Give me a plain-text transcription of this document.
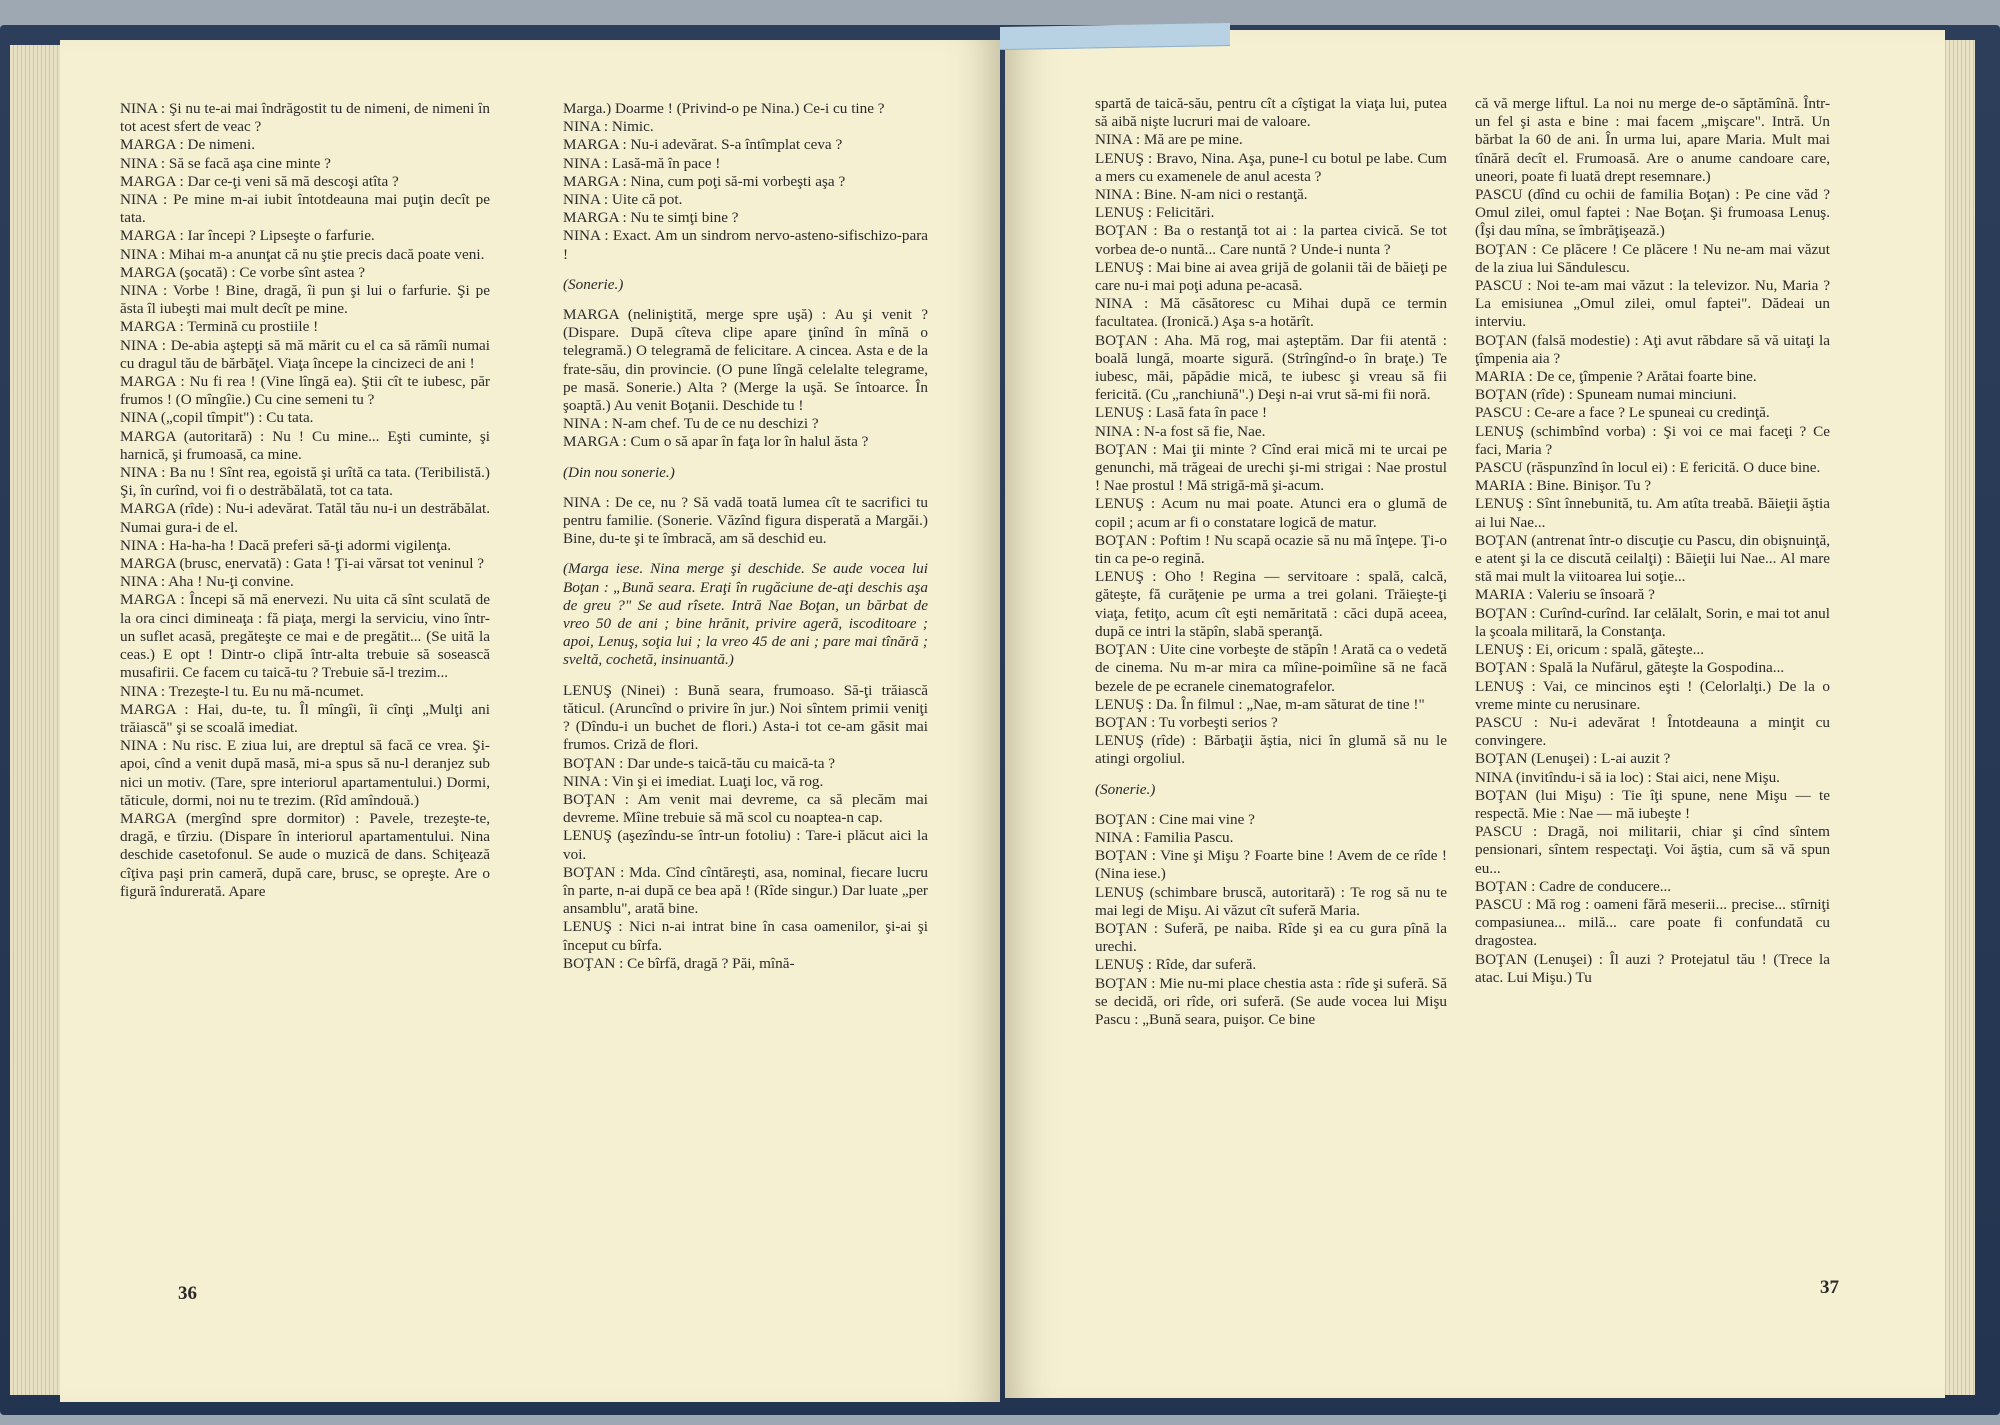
NINA : Şi nu te-ai mai îndrăgostit tu de nimeni, de nimeni în tot acest sfert de veac ?

MARGA : De nimeni.

NINA : Să se facă aşa cine minte ?

MARGA : Dar ce-ţi veni să mă descoşi atîta ?

NINA : Pe mine m-ai iubit întotdeauna mai puţin decît pe tata.

MARGA : Iar începi ? Lipseşte o farfurie.

NINA : Mihai m-a anunţat că nu ştie precis dacă poate veni.

MARGA (şocată) : Ce vorbe sînt astea ?

NINA : Vorbe ! Bine, dragă, îi pun şi lui o farfurie. Şi pe ăsta îl iubeşti mai mult decît pe mine.

MARGA : Termină cu prostiile !

NINA : De-abia aştepţi să mă mărit cu el ca să rămîi numai cu dragul tău de bărbăţel. Viaţa începe la cincizeci de ani !

MARGA : Nu fi rea ! (Vine lîngă ea). Ştii cît te iubesc, păr frumos ! (O mîngîie.) Cu cine semeni tu ?

NINA („copil tîmpit") : Cu tata.

MARGA (autoritară) : Nu ! Cu mine... Eşti cuminte, şi harnică, şi frumoasă, ca mine.

NINA : Ba nu ! Sînt rea, egoistă şi urîtă ca tata. (Teribilistă.) Şi, în curînd, voi fi o destrăbălată, tot ca tata.

MARGA (rîde) : Nu-i adevărat. Tatăl tău nu-i un destrăbălat. Numai gura-i de el.

NINA : Ha-ha-ha ! Dacă preferi să-ţi adormi vigilenţa.

MARGA (brusc, enervată) : Gata ! Ţi-ai vărsat tot veninul ?

NINA : Aha ! Nu-ţi convine.

MARGA : Începi să mă enervezi. Nu uita că sînt sculată de la ora cinci dimineaţa : fă piaţa, mergi la serviciu, vino într-un suflet acasă, pregăteşte ce mai e de pregătit... (Se uită la ceas.) E opt ! Dintr-o clipă într-alta trebuie să sosească musafirii. Ce facem cu taică-tu ? Trebuie să-l trezim...

NINA : Trezeşte-l tu. Eu nu mă-ncumet.

MARGA : Hai, du-te, tu. Îl mîngîi, îi cînţi „Mulţi ani trăiască" şi se scoală imediat.

NINA : Nu risc. E ziua lui, are dreptul să facă ce vrea. Şi-apoi, cînd a venit după masă, mi-a spus să nu-l deranjez sub nici un motiv. (Tare, spre interiorul apartamentului.) Dormi, tăticule, dormi, noi nu te trezim. (Rîd amîndouă.)

MARGA (mergînd spre dormitor) : Pavele, trezeşte-te, dragă, e tîrziu. (Dispare în interiorul apartamentului. Nina deschide casetofonul. Se aude o muzică de dans. Schiţează cîţiva paşi prin cameră, după care, brusc, se opreşte. Are o figură îndurerată. Apare

Marga.) Doarme ! (Privind-o pe Nina.) Ce-i cu tine ?

NINA : Nimic.

MARGA : Nu-i adevărat. S-a întîmplat ceva ?

NINA : Lasă-mă în pace !

MARGA : Nina, cum poţi să-mi vorbeşti aşa ?

NINA : Uite că pot.

MARGA : Nu te simţi bine ?

NINA : Exact. Am un sindrom nervo-asteno-sifischizo-para !

(Sonerie.)

MARGA (neliniştită, merge spre uşă) : Au şi venit ? (Dispare. După cîteva clipe apare ţinînd în mînă o telegramă.) O telegramă de felicitare. A cincea. Asta e de la frate-său, din provincie. (O pune lîngă celelalte telegrame, pe masă. Sonerie.) Alta ? (Merge la uşă. Se întoarce. În şoaptă.) Au venit Boţanii. Deschide tu !

NINA : N-am chef. Tu de ce nu deschizi ?

MARGA : Cum o să apar în faţa lor în halul ăsta ?

(Din nou sonerie.)

NINA : De ce, nu ? Să vadă toată lumea cît te sacrifici tu pentru familie. (Sonerie. Văzînd figura disperată a Margăi.) Bine, du-te şi te îmbracă, am să deschid eu.

(Marga iese. Nina merge şi deschide. Se aude vocea lui Boţan : „Bună seara. Eraţi în rugăciune de-aţi deschis aşa de greu ?" Se aud rîsete. Intră Nae Boţan, un bărbat de vreo 50 de ani ; bine hrănit, privire ageră, iscoditoare ; apoi, Lenuş, soţia lui ; la vreo 45 de ani ; pare mai tînără ; sveltă, cochetă, insinuantă.)

LENUŞ (Ninei) : Bună seara, frumoaso. Să-ţi trăiască tăticul. (Aruncînd o privire în jur.) Noi sîntem primii veniţi ? (Dîndu-i un buchet de flori.) Asta-i tot ce-am găsit mai frumos. Criză de flori.

BOŢAN : Dar unde-s taică-tău cu maică-ta ?

NINA : Vin şi ei imediat. Luaţi loc, vă rog.

BOŢAN : Am venit mai devreme, ca să plecăm mai devreme. Mîine trebuie să mă scol cu noaptea-n cap.

LENUŞ (aşezîndu-se într-un fotoliu) : Tare-i plăcut aici la voi.

BOŢAN : Mda. Cînd cîntăreşti, asa, nominal, fiecare lucru în parte, n-ai după ce bea apă ! (Rîde singur.) Dar luate „per ansamblu", arată bine.

LENUŞ : Nici n-ai intrat bine în casa oamenilor, şi-ai şi început cu bîrfa.

BOŢAN : Ce bîrfă, dragă ? Păi, mînă-

spartă de taică-său, pentru cît a cîştigat la viaţa lui, putea să aibă nişte lucruri mai de valoare.

NINA : Mă are pe mine.

LENUŞ : Bravo, Nina. Aşa, pune-l cu botul pe labe. Cum a mers cu examenele de anul acesta ?

NINA : Bine. N-am nici o restanţă.

LENUŞ : Felicitări.

BOŢAN : Ba o restanţă tot ai : la partea civică. Se tot vorbea de-o nuntă... Care nuntă ? Unde-i nunta ?

LENUŞ : Mai bine ai avea grijă de golanii tăi de băieţi pe care nu-i mai poţi aduna pe-acasă.

NINA : Mă căsătoresc cu Mihai după ce termin facultatea. (Ironică.) Aşa s-a hotărît.

BOŢAN : Aha. Mă rog, mai aşteptăm. Dar fii atentă : boală lungă, moarte sigură. (Strîngînd-o în braţe.) Te iubesc, măi, păpădie mică, te iubesc şi vreau să fii fericită. (Cu „ranchiună".) Deşi n-ai vrut să-mi fii noră.

LENUŞ : Lasă fata în pace !

NINA : N-a fost să fie, Nae.

BOŢAN : Mai ţii minte ? Cînd erai mică mi te urcai pe genunchi, mă trăgeai de urechi şi-mi strigai : Nae prostul ! Nae prostul ! Mă strigă-mă şi-acum.

LENUŞ : Acum nu mai poate. Atunci era o glumă de copil ; acum ar fi o constatare logică de matur.

BOŢAN : Poftim ! Nu scapă ocazie să nu mă înţepe. Ţi-o tin ca pe-o regină.

LENUŞ : Oho ! Regina — servitoare : spală, calcă, găteşte, fă curăţenie pe urma a trei golani. Trăieşte-ţi viaţa, fetiţo, acum cît eşti nemăritată : căci după aceea, după ce intri la stăpîn, slabă speranţă.

BOŢAN : Uite cine vorbeşte de stăpîn ! Arată ca o vedetă de cinema. Nu m-ar mira ca mîine-poimîine să ne facă bezele de pe ecranele cinematografelor.

LENUŞ : Da. În filmul : „Nae, m-am săturat de tine !"

BOŢAN : Tu vorbeşti serios ?

LENUŞ (rîde) : Bărbaţii ăştia, nici în glumă să nu le atingi orgoliul.

(Sonerie.)

BOŢAN : Cine mai vine ?

NINA : Familia Pascu.

BOŢAN : Vine şi Mişu ? Foarte bine ! Avem de ce rîde ! (Nina iese.)

LENUŞ (schimbare bruscă, autoritară) : Te rog să nu te mai legi de Mişu. Ai văzut cît suferă Maria.

BOŢAN : Suferă, pe naiba. Rîde şi ea cu gura pînă la urechi.

LENUŞ : Rîde, dar suferă.

BOŢAN : Mie nu-mi place chestia asta : rîde şi suferă. Să se decidă, ori rîde, ori suferă. (Se aude vocea lui Mişu Pascu : „Bună seara, puişor. Ce bine

că vă merge liftul. La noi nu merge de-o săptămînă. Într-un fel şi asta e bine : mai facem „mişcare". Intră. Un bărbat la 60 de ani. În urma lui, apare Maria. Mult mai tînără decît el. Frumoasă. Are o anume candoare care, uneori, poate fi luată drept resemnare.)

PASCU (dînd cu ochii de familia Boţan) : Pe cine văd ? Omul zilei, omul faptei : Nae Boţan. Şi frumoasa Lenuş. (Îşi dau mîna, se îmbrăţişează.)

BOŢAN : Ce plăcere ! Ce plăcere ! Nu ne-am mai văzut de la ziua lui Săndulescu.

PASCU : Noi te-am mai văzut : la televizor. Nu, Maria ? La emisiunea „Omul zilei, omul faptei". Dădeai un interviu.

BOŢAN (falsă modestie) : Aţi avut răbdare să vă uitaţi la ţîmpenia aia ?

MARIA : De ce, ţîmpenie ? Arătai foarte bine.

BOŢAN (rîde) : Spuneam numai minciuni.

PASCU : Ce-are a face ? Le spuneai cu credinţă.

LENUŞ (schimbînd vorba) : Şi voi ce mai faceţi ? Ce faci, Maria ?

PASCU (răspunzînd în locul ei) : E fericită. O duce bine.

MARIA : Bine. Binişor. Tu ?

LENUŞ : Sînt înnebunită, tu. Am atîta treabă. Băieţii ăştia ai lui Nae...

BOŢAN (antrenat într-o discuţie cu Pascu, din obişnuinţă, e atent şi la ce discută ceilalţi) : Băieţii lui Nae... Al mare stă mai mult la viitoarea lui soţie...

MARIA : Valeriu se însoară ?

BOŢAN : Curînd-curînd. Iar celălalt, Sorin, e mai tot anul la şcoala militară, la Constanţa.

LENUŞ : Ei, oricum : spală, găteşte...

BOŢAN : Spală la Nufărul, găteşte la Gospodina...

LENUŞ : Vai, ce mincinos eşti ! (Celorlalţi.) De la o vreme minte cu nerusinare.

PASCU : Nu-i adevărat ! Întotdeauna a minţit cu convingere.

BOŢAN (Lenuşei) : L-ai auzit ?

NINA (invitîndu-i să ia loc) : Stai aici, nene Mişu.

BOŢAN (lui Mişu) : Tie îţi spune, nene Mişu — te respectă. Mie : Nae — mă iubeşte !

PASCU : Dragă, noi militarii, chiar şi cînd sîntem pensionari, sîntem respectaţi. Voi ăştia, cum să vă spun eu...

BOŢAN : Cadre de conducere...

PASCU : Mă rog : oameni fără meserii... precise... stîrniţi compasiunea... milă... care poate fi confundată cu dragostea.

BOŢAN (Lenuşei) : Îl auzi ? Protejatul tău ! (Trece la atac. Lui Mişu.) Tu

36	37
